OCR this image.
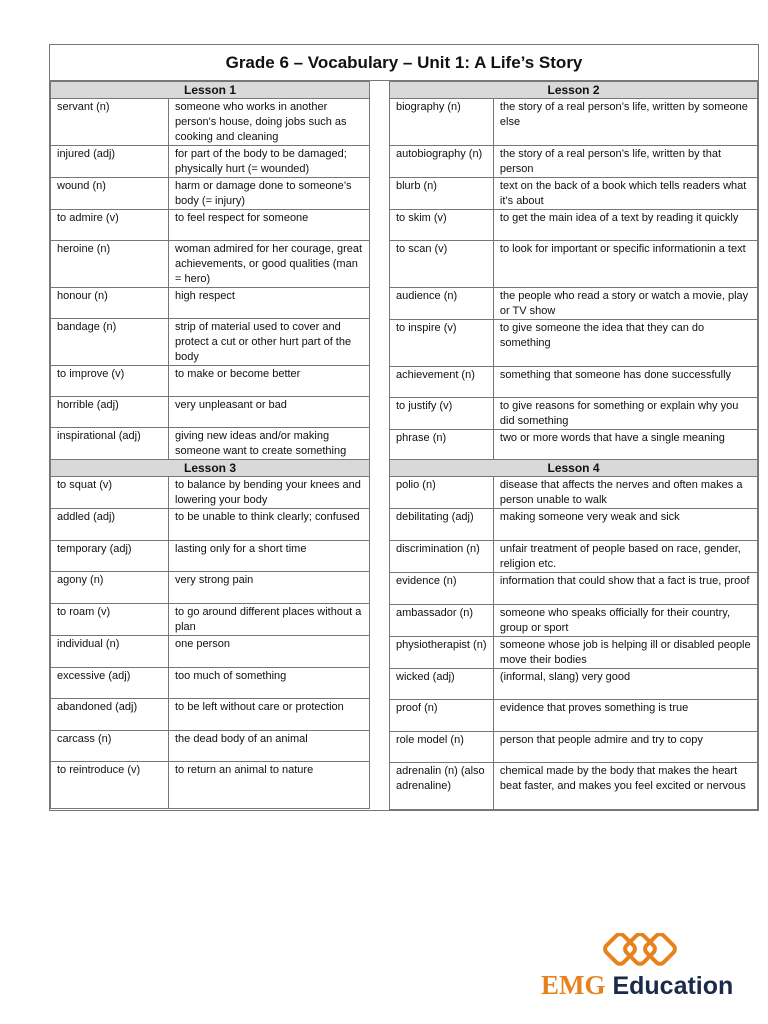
Grade 6 – Vocabulary – Unit 1: A Life’s Story
Lesson 1	
servant (n)	someone who works in another person's house, doing jobs such as cooking and cleaning
injured (adj)	for part of the body to be damaged; physically hurt (= wounded)
wound (n)	harm or damage done to someone’s body (= injury)
to admire (v)	to feel respect for someone
heroine (n)	woman admired for her courage, great achievements, or good qualities (man = hero)
honour (n)	high respect
bandage (n)	strip of material used to cover and protect a cut or other hurt part of the body
to improve (v)	to make or become better
horrible (adj)	very unpleasant or bad
inspirational (adj)	giving new ideas and/or making someone want to create something
Lesson 2	
biography (n)	the story of a real person’s life, written by someone else
autobiography (n)	the story of a real person’s life, written by that person
blurb (n)	text on the back of a book which tells readers what it’s about
to skim (v)	to get the main idea of a text by reading it quickly
to scan (v)	to look for important or specific informationin a text
audience (n)	the people who read a story or watch a movie, play or TV show
to inspire (v)	to give someone the idea that they can do something
achievement (n)	something that someone has done successfully
to justify (v)	to give reasons for something or explain why you did something
phrase (n)	two or more words that have a single meaning
Lesson 3	
to squat (v)	to balance by bending your knees and lowering your body
addled (adj)	to be unable to think clearly; confused
temporary (adj)	lasting only for a short time
agony (n)	very strong pain
to roam (v)	to go around different places without a plan
individual (n)	one person
excessive (adj)	too much of something
abandoned (adj)	to be left without care or protection
carcass (n)	the dead body of an animal
to reintroduce (v)	to return an animal to nature
Lesson 4	
polio (n)	disease that affects the nerves and often makes a person unable to walk
debilitating (adj)	making someone very weak and sick
discrimination (n)	unfair treatment of people based on race, gender, religion etc.
evidence (n)	information that could show that a fact is true, proof
ambassador (n)	someone who speaks officially for their country, group or sport
physiotherapist (n)	someone whose job is helping ill or disabled people move their bodies
wicked (adj)	(informal, slang) very good
proof (n)	evidence that proves something is true
role model (n)	person that people admire and try to copy
adrenalin (n) (also adrenaline)	chemical made by the body that makes the heart beat faster, and makes you feel excited or nervous
EMG Education
